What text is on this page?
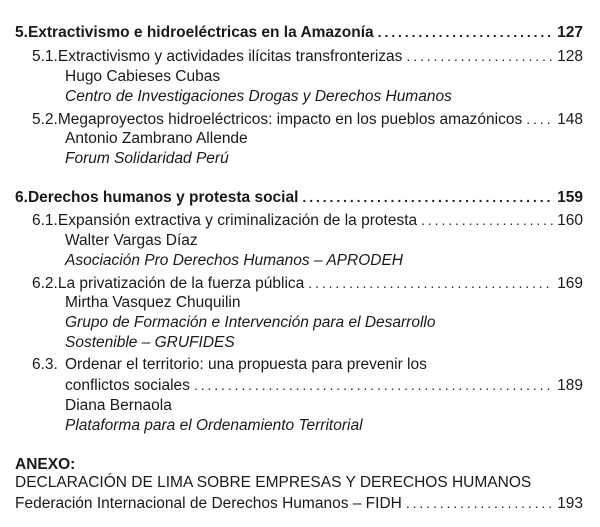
5. Extractivismo e hidroeléctricas en la Amazonía . . .	127
5.1. Extractivismo y actividades ilícitas transfronterizas . . .	128
Hugo Cabieses Cubas
Centro de Investigaciones Drogas y Derechos Humanos
5.2. Megaproyectos hidroeléctricos: impacto en los pueblos amazónicos . . . 148
Antonio Zambrano Allende
Forum Solidaridad Perú
6. Derechos humanos y protesta social . . .	159
6.1. Expansión extractiva y criminalización de la protesta . . .	160
Walter Vargas Díaz
Asociación Pro Derechos Humanos – APRODEH
6.2. La privatización de la fuerza pública . . .	169
Mirtha Vasquez Chuquilin
Grupo de Formación e Intervención para el Desarrollo
Sostenible – GRUFIDES
6.3. Ordenar el territorio: una propuesta para prevenir los
conflictos sociales . . .	189
Diana Bernaola
Plataforma para el Ordenamiento Territorial
ANEXO:
DECLARACIÓN DE LIMA SOBRE EMPRESAS Y DERECHOS HUMANOS
Federación Internacional de Derechos Humanos – FIDH . . .	193
